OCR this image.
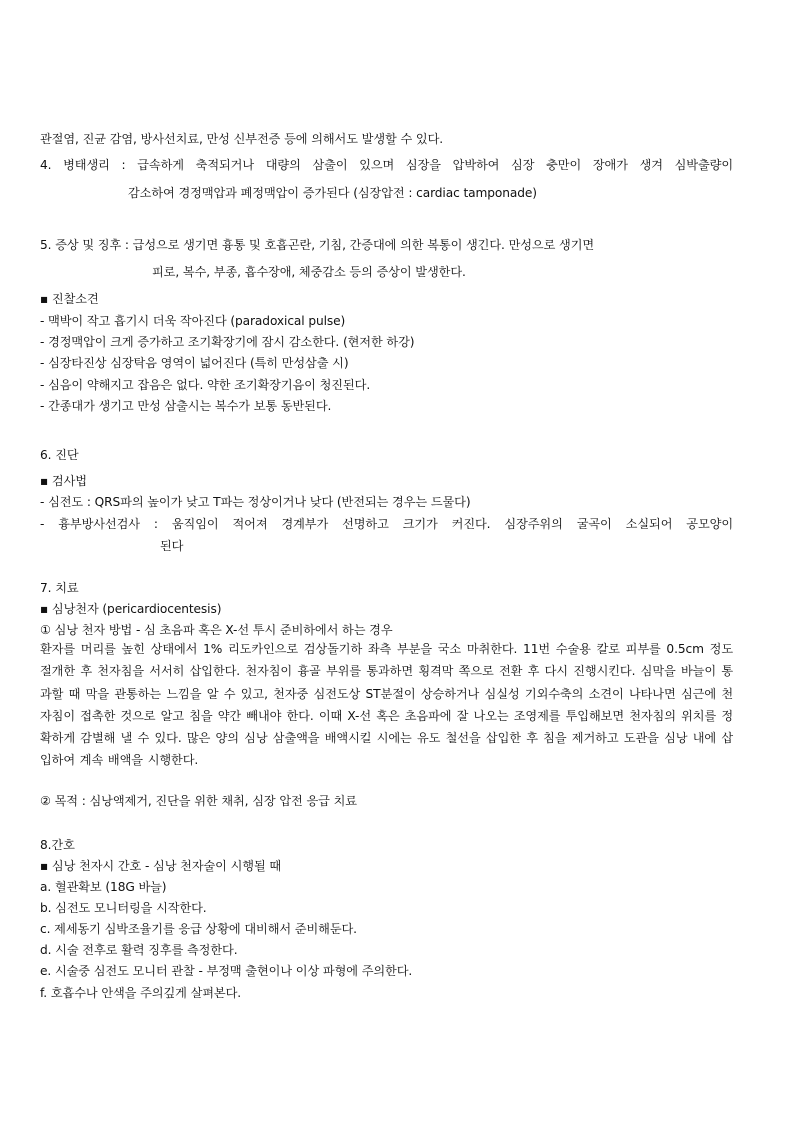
관절염, 진균 감염, 방사선치료, 만성 신부전증 등에 의해서도 발생할 수 있다.
4. 병태생리 : 급속하게 축적되거나 대량의 삼출이 있으며 심장을 압박하여 심장 충만이 장애가 생겨 심박출량이
감소하여 경정맥압과 폐정맥압이 증가된다 (심장압전 : cardiac tamponade)
5. 증상 및 징후 : 급성으로 생기면 흉통 및 호흡곤란, 기침, 간증대에 의한 복통이 생긴다. 만성으로 생기면
피로, 복수, 부종, 흡수장애, 체중감소 등의 증상이 발생한다.
▪ 진찰소견
- 맥박이 작고 흡기시 더욱 작아진다 (paradoxical pulse)
- 경정맥압이 크게 증가하고 조기확장기에 잠시 감소한다. (현저한 하강)
- 심장타진상 심장탁음 영역이 넓어진다 (특히 만성삼출 시)
- 심음이 약해지고 잡음은 없다. 약한 조기확장기음이 청진된다.
- 간종대가 생기고 만성 삼출시는 복수가 보통 동반된다.
6. 진단
▪ 검사법
- 심전도 : QRS파의 높이가 낮고 T파는 정상이거나 낮다 (반전되는 경우는 드물다)
- 흉부방사선검사 : 움직임이 적어져 경계부가 선명하고 크기가 커진다. 심장주위의 굴곡이 소실되어 공모양이
된다
7. 치료
▪ 심낭천자 (pericardiocentesis)
① 심낭 천자 방법 - 심 초음파 혹은 X-선 투시 준비하에서 하는 경우
환자를 머리를 높힌 상태에서 1% 리도카인으로 검상돌기하 좌측 부분을 국소 마취한다. 11번 수술용 칼로 피부를 0.5cm 정도 절개한 후 천자침을 서서히 삽입한다. 천자침이 흉골 부위를 통과하면 횡격막 쪽으로 전환 후 다시 진행시킨다. 심막을 바늘이 통과할 때 막을 관통하는 느낌을 알 수 있고, 천자중 심전도상 ST분절이 상승하거나 심실성 기외수축의 소견이 나타나면 심근에 천자침이 접촉한 것으로 알고 침을 약간 빼내야 한다. 이때 X-선 혹은 초음파에 잘 나오는 조영제를 투입해보면 천자침의 위치를 정확하게 감별해 낼 수 있다. 많은 양의 심낭 삼출액을 배액시킬 시에는 유도 철선을 삽입한 후 침을 제거하고 도관을 심낭 내에 삽입하여 계속 배액을 시행한다.
② 목적 : 심낭액제거, 진단을 위한 채취, 심장 압전 응급 치료
8.간호
▪ 심낭 천자시 간호 - 심낭 천자술이 시행될 때
a. 혈관확보 (18G 바늘)
b. 심전도 모니터링을 시작한다.
c. 제세동기 심박조율기를 응급 상황에 대비해서 준비해둔다.
d. 시술 전후로 활력 징후를 측정한다.
e. 시술중 심전도 모니터 관찰 - 부정맥 출현이나 이상 파형에 주의한다.
f. 호흡수나 안색을 주의깊게 살펴본다.
